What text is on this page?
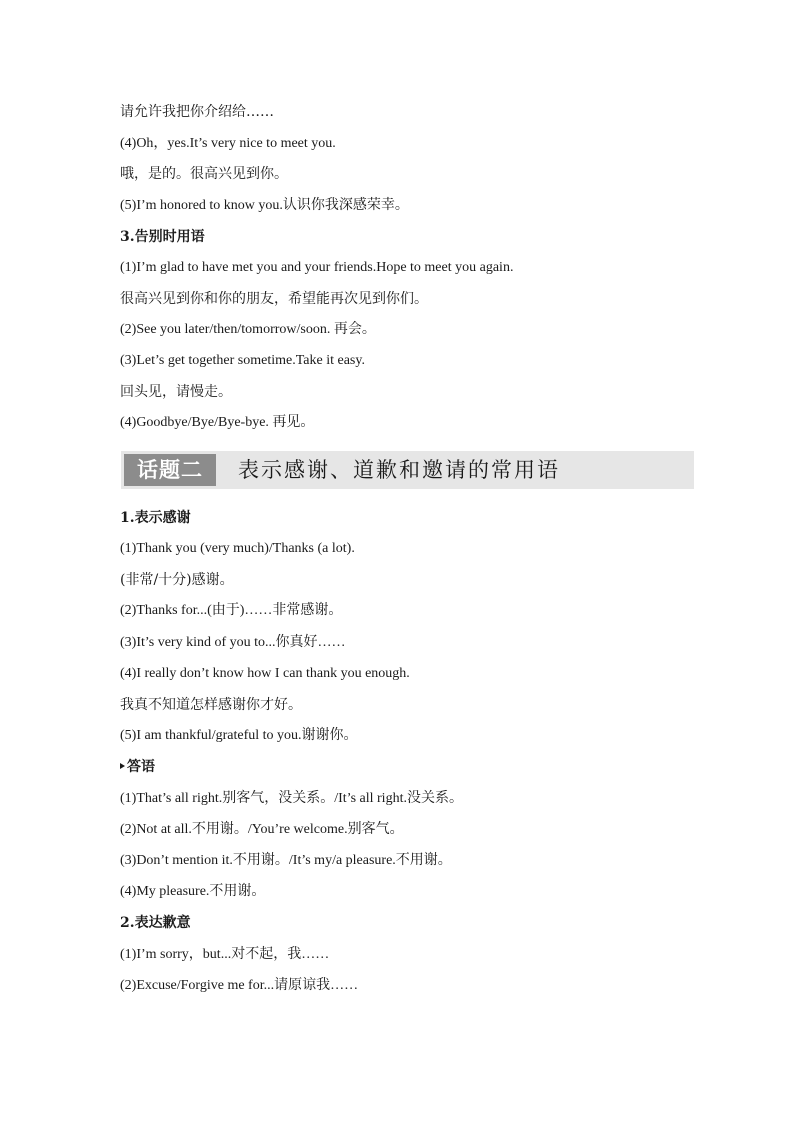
请允许我把你介绍给……
(4)Oh，yes.It’s very nice to meet you.
哦，是的。很高兴见到你。
(5)I’m honored to know you.认识你我深感荣幸。
3.告别时用语
(1)I’m glad to have met you and your friends.Hope to meet you again.
很高兴见到你和你的朋友，希望能再次见到你们。
(2)See you later/then/tomorrow/soon. 再会。
(3)Let’s get together sometime.Take it easy.
回头见，请慢走。
(4)Goodbye/Bye/Bye-bye. 再见。
话题二	表示感谢、道歉和邀请的常用语
1.表示感谢
(1)Thank you (very much)/Thanks (a lot).
(非常/十分)感谢。
(2)Thanks for...(由于)……非常感谢。
(3)It’s very kind of you to...你真好……
(4)I really don’t know how I can thank you enough.
我真不知道怎样感谢你才好。
(5)I am thankful/grateful to you.谢谢你。
答语
(1)That’s all right.别客气，没关系。/It’s all right.没关系。
(2)Not at all.不用谢。/You’re welcome.别客气。
(3)Don’t mention it.不用谢。/It’s my/a pleasure.不用谢。
(4)My pleasure.不用谢。
2.表达歉意
(1)I’m sorry，but...对不起，我……
(2)Excuse/Forgive me for...请原谅我……
